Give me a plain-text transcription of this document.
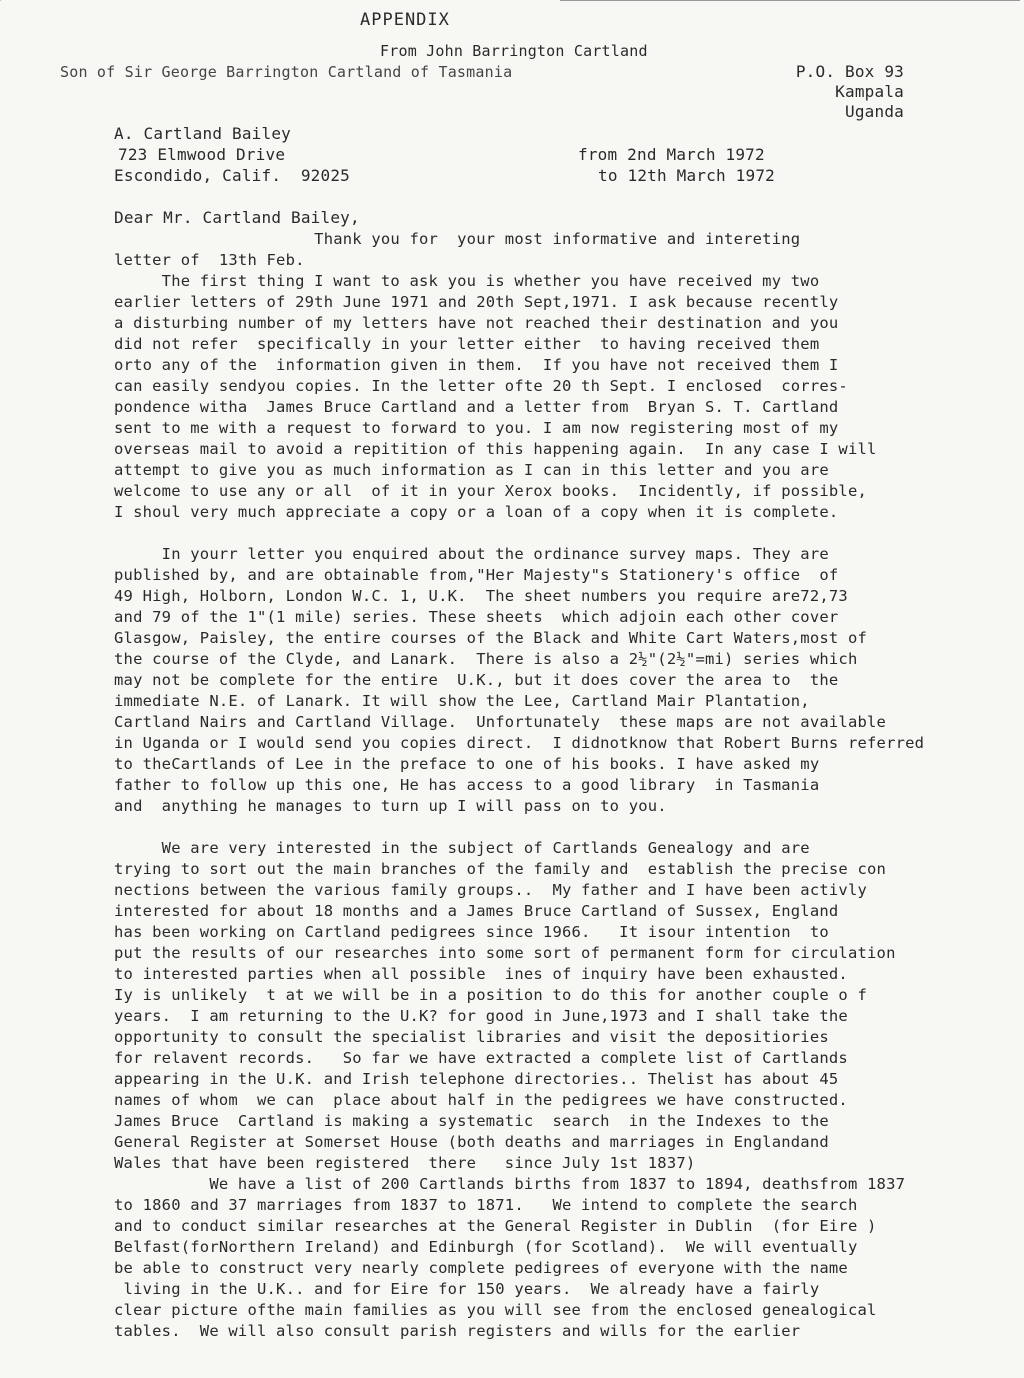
APPENDIX
From John Barrington Cartland
Son of Sir George Barrington Cartland of Tasmania	P.O. Box 93
Kampala
Uganda
A. Cartland Bailey
723 Elmwood Drive
Escondido, Calif.  92025
from 2nd March 1972
to 12th March 1972
Dear Mr. Cartland Bailey,
Thank you for  your most informative and intereting
letter of  13th Feb.
The first thing I want to ask you is whether you have received my two
earlier letters of 29th June 1971 and 20th Sept,1971. I ask because recently
a disturbing number of my letters have not reached their destination and you
did not refer  specifically in your letter either  to having received them
orto any of the  information given in them.  If you have not received them I
can easily sendyou copies. In the letter ofte 20 th Sept. I enclosed  corres-
pondence witha  James Bruce Cartland and a letter from  Bryan S. T. Cartland
sent to me with a request to forward to you. I am now registering most of my
overseas mail to avoid a repitition of this happening again.  In any case I will
attempt to give you as much information as I can in this letter and you are
welcome to use any or all  of it in your Xerox books.  Incidently, if possible,
I shoul very much appreciate a copy or a loan of a copy when it is complete.
In yourr letter you enquired about the ordinance survey maps. They are
published by, and are obtainable from,"Her Majesty"s Stationery's office  of
49 High, Holborn, London W.C. 1, U.K.  The sheet numbers you require are72,73
and 79 of the 1"(1 mile) series. These sheets  which adjoin each other cover
Glasgow, Paisley, the entire courses of the Black and White Cart Waters,most of
the course of the Clyde, and Lanark.  There is also a 2½"(2½"=mi) series which
may not be complete for the entire  U.K., but it does cover the area to  the
immediate N.E. of Lanark. It will show the Lee, Cartland Mair Plantation,
Cartland Nairs and Cartland Village.  Unfortunately  these maps are not available
in Uganda or I would send you copies direct.  I didnotknow that Robert Burns referred
to theCartlands of Lee in the preface to one of his books. I have asked my
father to follow up this one, He has access to a good library  in Tasmania
and  anything he manages to turn up I will pass on to you.
We are very interested in the subject of Cartlands Genealogy and are
trying to sort out the main branches of the family and  establish the precise con
nections between the various family groups..  My father and I have been activly
interested for about 18 months and a James Bruce Cartland of Sussex, England
has been working on Cartland pedigrees since 1966.   It isour intention  to
put the results of our researches into some sort of permanent form for circulation
to interested parties when all possible  ines of inquiry have been exhausted.
Iy is unlikely  t at we will be in a position to do this for another couple o f
years.  I am returning to the U.K? for good in June,1973 and I shall take the
opportunity to consult the specialist libraries and visit the depositiories
for relavent records.   So far we have extracted a complete list of Cartlands
appearing in the U.K. and Irish telephone directories.. Thelist has about 45
names of whom  we can  place about half in the pedigrees we have constructed.
James Bruce  Cartland is making a systematic  search  in the Indexes to the
General Register at Somerset House (both deaths and marriages in Englandand
Wales that have been registered  there   since July 1st 1837)
We have a list of 200 Cartlands births from 1837 to 1894, deathsfrom 1837
to 1860 and 37 marriages from 1837 to 1871.   We intend to complete the search
and to conduct similar researches at the General Register in Dublin  (for Eire )
Belfast(forNorthern Ireland) and Edinburgh (for Scotland).  We will eventually
be able to construct very nearly complete pedigrees of everyone with the name
living in the U.K.. and for Eire for 150 years.  We already have a fairly
clear picture ofthe main families as you will see from the enclosed genealogical
tables.  We will also consult parish registers and wills for the earlier
